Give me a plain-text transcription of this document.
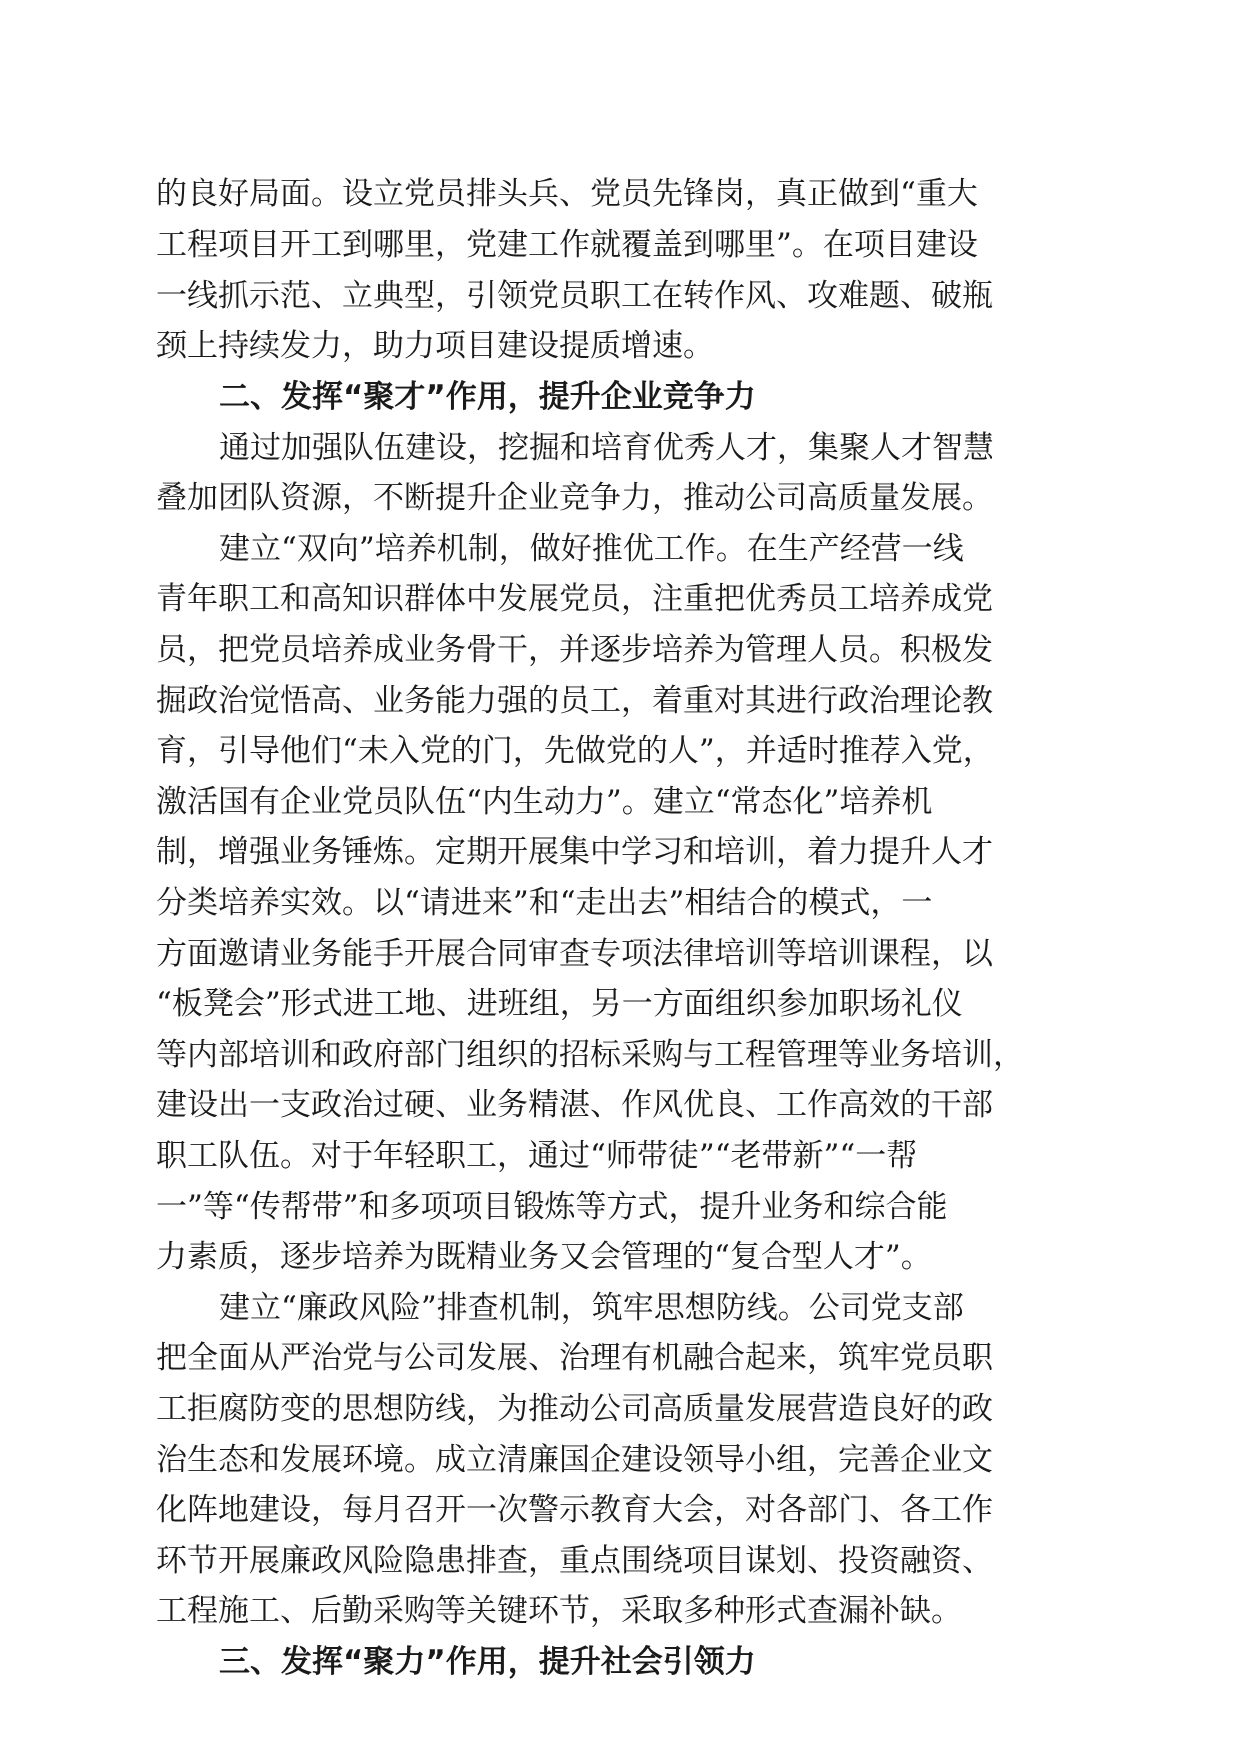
的良好局面。设立党员排头兵、党员先锋岗，真正做到“重大
工程项目开工到哪里，党建工作就覆盖到哪里”。在项目建设
一线抓示范、立典型，引领党员职工在转作风、攻难题、破瓶
颈上持续发力，助力项目建设提质增速。
二、发挥“聚才”作用，提升企业竞争力
通过加强队伍建设，挖掘和培育优秀人才，集聚人才智慧
叠加团队资源，不断提升企业竞争力，推动公司高质量发展。
建立“双向”培养机制，做好推优工作。在生产经营一线
青年职工和高知识群体中发展党员，注重把优秀员工培养成党
员，把党员培养成业务骨干，并逐步培养为管理人员。积极发
掘政治觉悟高、业务能力强的员工，着重对其进行政治理论教
育，引导他们“未入党的门，先做党的人”，并适时推荐入党，
激活国有企业党员队伍“内生动力”。建立“常态化”培养机
制，增强业务锤炼。定期开展集中学习和培训，着力提升人才
分类培养实效。以“请进来”和“走出去”相结合的模式，一
方面邀请业务能手开展合同审查专项法律培训等培训课程，以
“板凳会”形式进工地、进班组，另一方面组织参加职场礼仪
等内部培训和政府部门组织的招标采购与工程管理等业务培训，
建设出一支政治过硬、业务精湛、作风优良、工作高效的干部
职工队伍。对于年轻职工，通过“师带徒”“老带新”“一帮
一”等“传帮带”和多项项目锻炼等方式，提升业务和综合能
力素质，逐步培养为既精业务又会管理的“复合型人才”。
建立“廉政风险”排查机制，筑牢思想防线。公司党支部
把全面从严治党与公司发展、治理有机融合起来，筑牢党员职
工拒腐防变的思想防线，为推动公司高质量发展营造良好的政
治生态和发展环境。成立清廉国企建设领导小组，完善企业文
化阵地建设，每月召开一次警示教育大会，对各部门、各工作
环节开展廉政风险隐患排查，重点围绕项目谋划、投资融资、
工程施工、后勤采购等关键环节，采取多种形式查漏补缺。
三、发挥“聚力”作用，提升社会引领力
